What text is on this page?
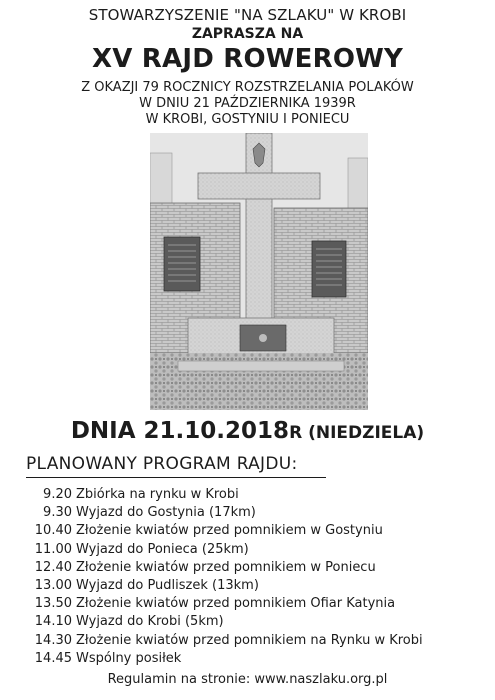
STOWARZYSZENIE "NA SZLAKU" W KROBI
ZAPRASZA NA
XV RAJD ROWEROWY
Z OKAZJI 79 ROCZNICY ROZSTRZELANIA POLAKÓW
W DNIU 21 PAŹDZIERNIKA 1939R
W KROBI, GOSTYNIU I PONIECU
DNIA 21.10.2018R (NIEDZIELA)
PLANOWANY PROGRAM RAJDU:
9.20 Zbiórka na rynku w Krobi
9.30 Wyjazd do Gostynia (17km)
10.40 Złożenie kwiatów przed pomnikiem w Gostyniu
11.00 Wyjazd do Ponieca (25km)
12.40 Złożenie kwiatów przed pomnikiem w Poniecu
13.00 Wyjazd do Pudliszek (13km)
13.50 Złożenie kwiatów przed pomnikiem Ofiar Katynia
14.10 Wyjazd do Krobi (5km)
14.30 Złożenie kwiatów przed pomnikiem na Rynku w Krobi
14.45 Wspólny posiłek
Regulamin na stronie: www.naszlaku.org.pl
